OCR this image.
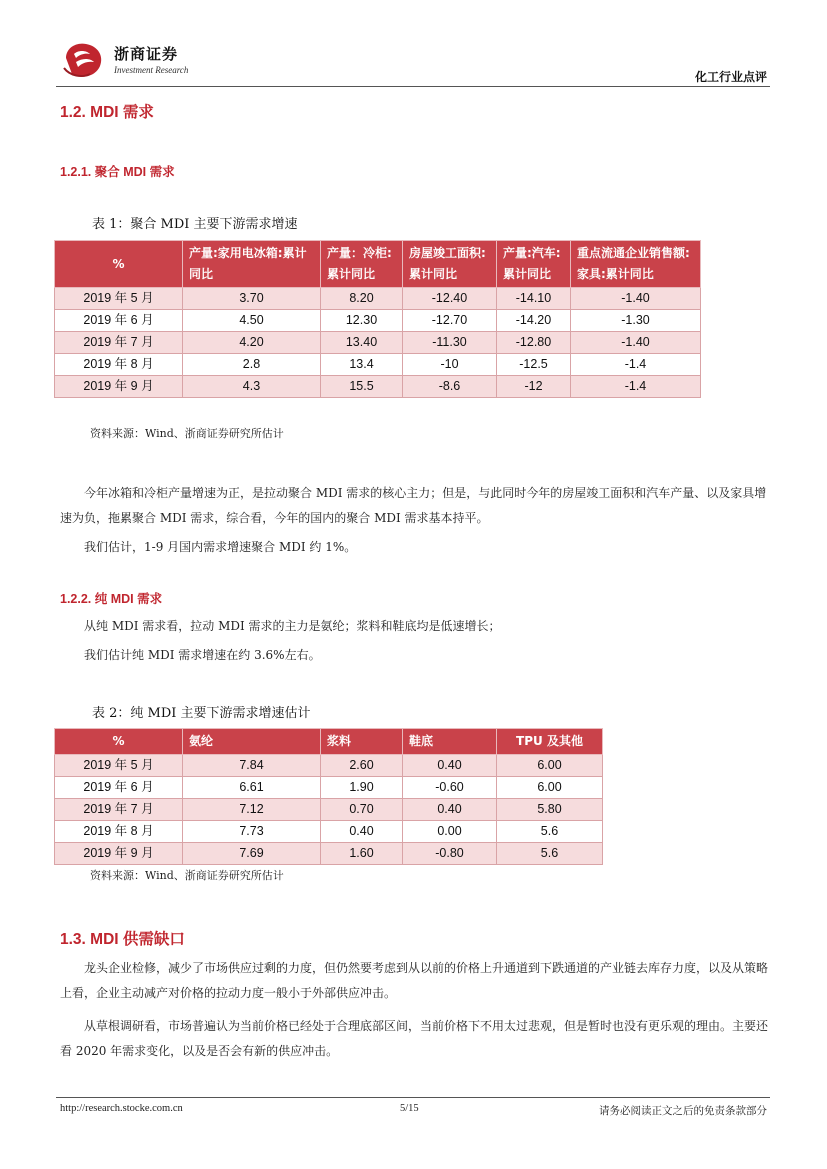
浙商证券
Investment Research	化工行业点评
1.2. MDI 需求
1.2.1. 聚合 MDI 需求
表 1：聚合 MDI 主要下游需求增速
%	产量:家用电冰箱:累计同比	产量：冷柜:累计同比	房屋竣工面积:累计同比	产量:汽车:累计同比	重点流通企业销售额:家具:累计同比
2019 年 5 月	3.70	8.20	-12.40	-14.10	-1.40
2019 年 6 月	4.50	12.30	-12.70	-14.20	-1.30
2019 年 7 月	4.20	13.40	-11.30	-12.80	-1.40
2019 年 8 月	2.8	13.4	-10	-12.5	-1.4
2019 年 9 月	4.3	15.5	-8.6	-12	-1.4
资料来源：Wind、浙商证券研究所估计

今年冰箱和冷柜产量增速为正，是拉动聚合 MDI 需求的核心主力；但是，与此同时今年的房屋竣工面积和汽车产量、以及家具增速为负，拖累聚合 MDI 需求，综合看，今年的国内的聚合 MDI 需求基本持平。

我们估计，1-9 月国内需求增速聚合 MDI 约 1%。

1.2.2. 纯 MDI 需求

从纯 MDI 需求看，拉动 MDI 需求的主力是氨纶；浆料和鞋底均是低速增长；

我们估计纯 MDI 需求增速在约 3.6%左右。

表 2：纯 MDI 主要下游需求增速估计
%	氨纶	浆料	鞋底	TPU 及其他
2019 年 5 月	7.84	2.60	0.40	6.00
2019 年 6 月	6.61	1.90	-0.60	6.00
2019 年 7 月	7.12	0.70	0.40	5.80
2019 年 8 月	7.73	0.40	0.00	5.6
2019 年 9 月	7.69	1.60	-0.80	5.6
资料来源：Wind、浙商证券研究所估计
1.3. MDI 供需缺口

龙头企业检修，减少了市场供应过剩的力度，但仍然要考虑到从以前的价格上升通道到下跌通道的产业链去库存力度，以及从策略上看，企业主动减产对价格的拉动力度一般小于外部供应冲击。

从草根调研看，市场普遍认为当前价格已经处于合理底部区间，当前价格下不用太过悲观，但是暂时也没有更乐观的理由。主要还看 2020 年需求变化，以及是否会有新的供应冲击。

http://research.stocke.com.cn	5/15	请务必阅读正文之后的免责条款部分
